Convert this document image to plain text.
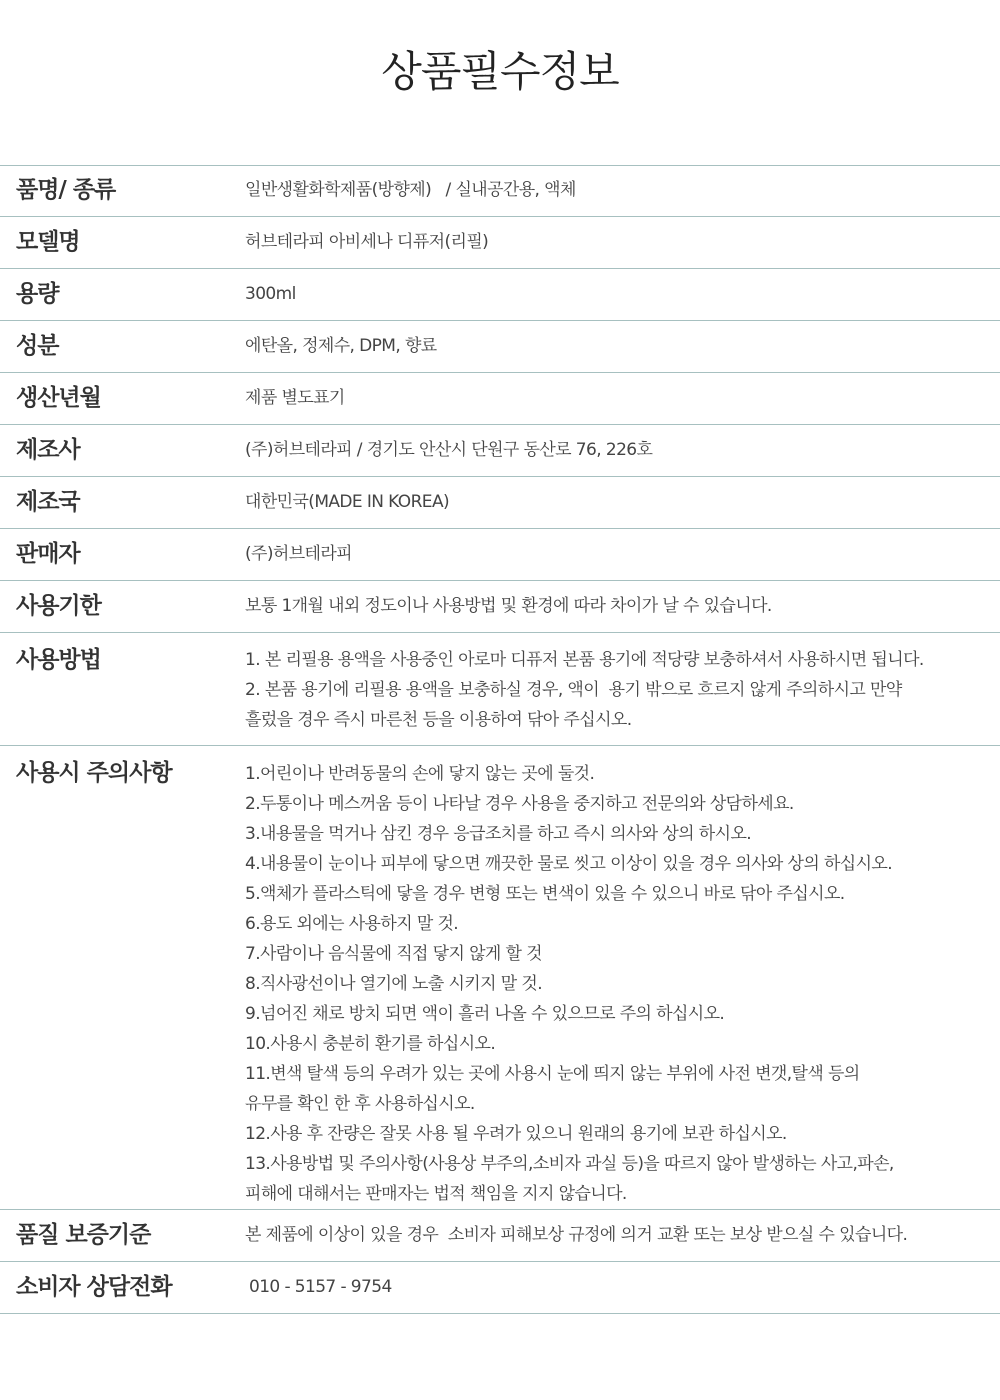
상품필수정보
품명/ 종류	일반생활화학제품(방향제)   / 실내공간용, 액체
모델명	허브테라피 아비세나 디퓨저(리필)
용량	300ml
성분	에탄올, 정제수, DPM, 향료
생산년월	제품 별도표기
제조사	(주)허브테라피 / 경기도 안산시 단원구 동산로 76, 226호
제조국	대한민국(MADE IN KOREA)
판매자	(주)허브테라피
사용기한	보통 1개월 내외 정도이나 사용방법 및 환경에 따라 차이가 날 수 있습니다.
사용방법	1. 본 리필용 용액을 사용중인 아로마 디퓨저 본품 용기에 적당량 보충하셔서 사용하시면 됩니다.
2. 본품 용기에 리필용 용액을 보충하실 경우, 액이  용기 밖으로 흐르지 않게 주의하시고 만약
흘렀을 경우 즉시 마른천 등을 이용하여 닦아 주십시오.
사용시 주의사항	1.어린이나 반려동물의 손에 닿지 않는 곳에 둘것.
2.두통이나 메스꺼움 등이 나타날 경우 사용을 중지하고 전문의와 상담하세요.
3.내용물을 먹거나 삼킨 경우 응급조치를 하고 즉시 의사와 상의 하시오.
4.내용물이 눈이나 피부에 닿으면 깨끗한 물로 씻고 이상이 있을 경우 의사와 상의 하십시오.
5.액체가 플라스틱에 닿을 경우 변형 또는 변색이 있을 수 있으니 바로 닦아 주십시오.
6.용도 외에는 사용하지 말 것.
7.사람이나 음식물에 직접 닿지 않게 할 것
8.직사광선이나 열기에 노출 시키지 말 것.
9.넘어진 채로 방치 되면 액이 흘러 나올 수 있으므로 주의 하십시오.
10.사용시 충분히 환기를 하십시오.
11.변색 탈색 등의 우려가 있는 곳에 사용시 눈에 띄지 않는 부위에 사전 변갯,탈색 등의
유무를 확인 한 후 사용하십시오.
12.사용 후 잔량은 잘못 사용 될 우려가 있으니 원래의 용기에 보관 하십시오.
13.사용방법 및 주의사항(사용상 부주의,소비자 과실 등)을 따르지 않아 발생하는 사고,파손,
피해에 대해서는 판매자는 법적 책임을 지지 않습니다.
품질 보증기준	본 제품에 이상이 있을 경우  소비자 피해보상 규정에 의거 교환 또는 보상 받으실 수 있습니다.
소비자 상담전화	010 - 5157 - 9754
